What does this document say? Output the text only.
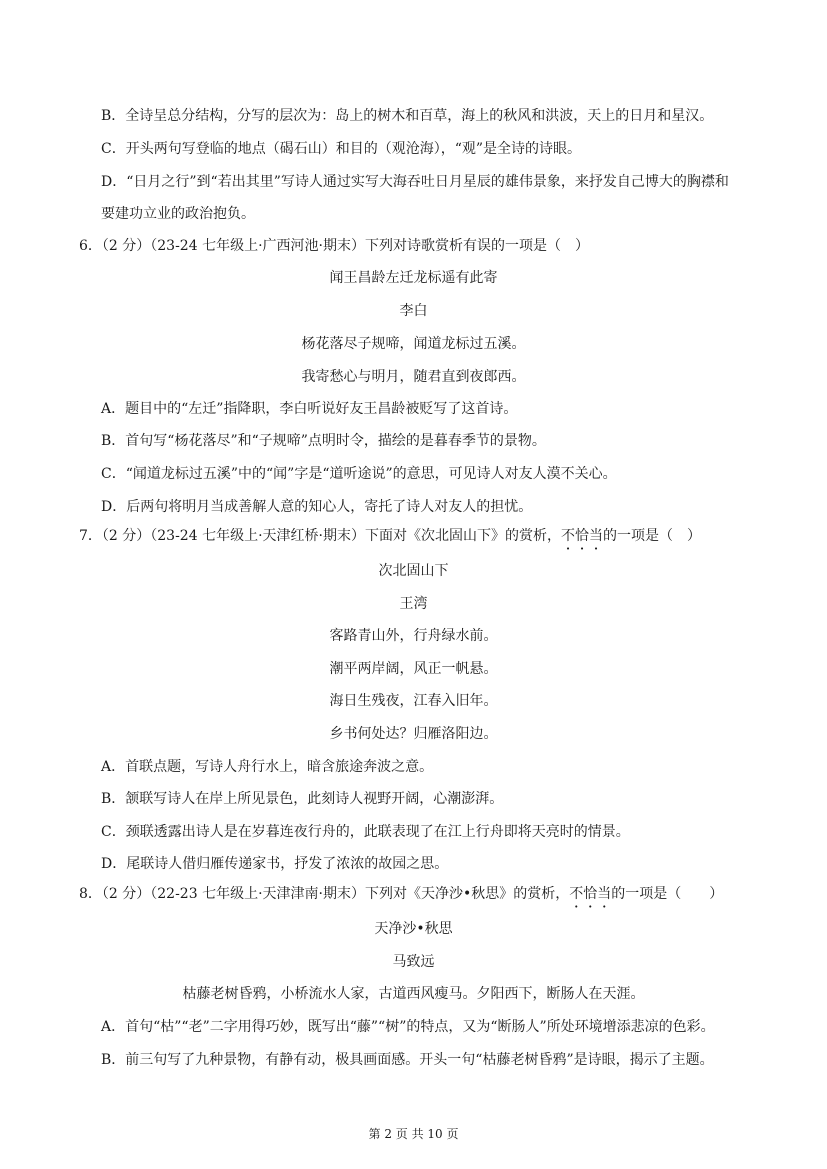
B．全诗呈总分结构，分写的层次为：岛上的树木和百草，海上的秋风和洪波，天上的日月和星汉。
C．开头两句写登临的地点（碣石山）和目的（观沧海），“观”是全诗的诗眼。
D．“日月之行”到“若出其里”写诗人通过实写大海吞吐日月星辰的雄伟景象，来抒发自己博大的胸襟和
要建功立业的政治抱负。
6．（2 分）（23-24 七年级上·广西河池·期末）下列对诗歌赏析有误的一项是（　）
闻王昌龄左迁龙标遥有此寄
李白
杨花落尽子规啼，闻道龙标过五溪。
我寄愁心与明月，随君直到夜郎西。
A．题目中的“左迁”指降职，李白听说好友王昌龄被贬写了这首诗。
B．首句写“杨花落尽”和“子规啼”点明时令，描绘的是暮春季节的景物。
C．“闻道龙标过五溪”中的“闻”字是“道听途说”的意思，可见诗人对友人漠不关心。
D．后两句将明月当成善解人意的知心人，寄托了诗人对友人的担忧。
7．（2 分）（23-24 七年级上·天津红桥·期末）下面对《次北固山下》的赏析，不恰当的一项是（　）
次北固山下
王湾
客路青山外，行舟绿水前。
潮平两岸阔，风正一帆悬。
海日生残夜，江春入旧年。
乡书何处达？归雁洛阳边。
A．首联点题，写诗人舟行水上，暗含旅途奔波之意。
B．颔联写诗人在岸上所见景色，此刻诗人视野开阔，心潮澎湃。
C．颈联透露出诗人是在岁暮连夜行舟的，此联表现了在江上行舟即将天亮时的情景。
D．尾联诗人借归雁传递家书，抒发了浓浓的故园之思。
8．（2 分）（22-23 七年级上·天津津南·期末）下列对《天净沙•秋思》的赏析，不恰当的一项是（　　）
天净沙•秋思
马致远
枯藤老树昏鸦，小桥流水人家，古道西风瘦马。夕阳西下，断肠人在天涯。
A．首句“枯”“老”二字用得巧妙，既写出“藤”“树”的特点，又为“断肠人”所处环境增添悲凉的色彩。
B．前三句写了九种景物，有静有动，极具画面感。开头一句“枯藤老树昏鸦”是诗眼，揭示了主题。
第 2 页 共 10 页
